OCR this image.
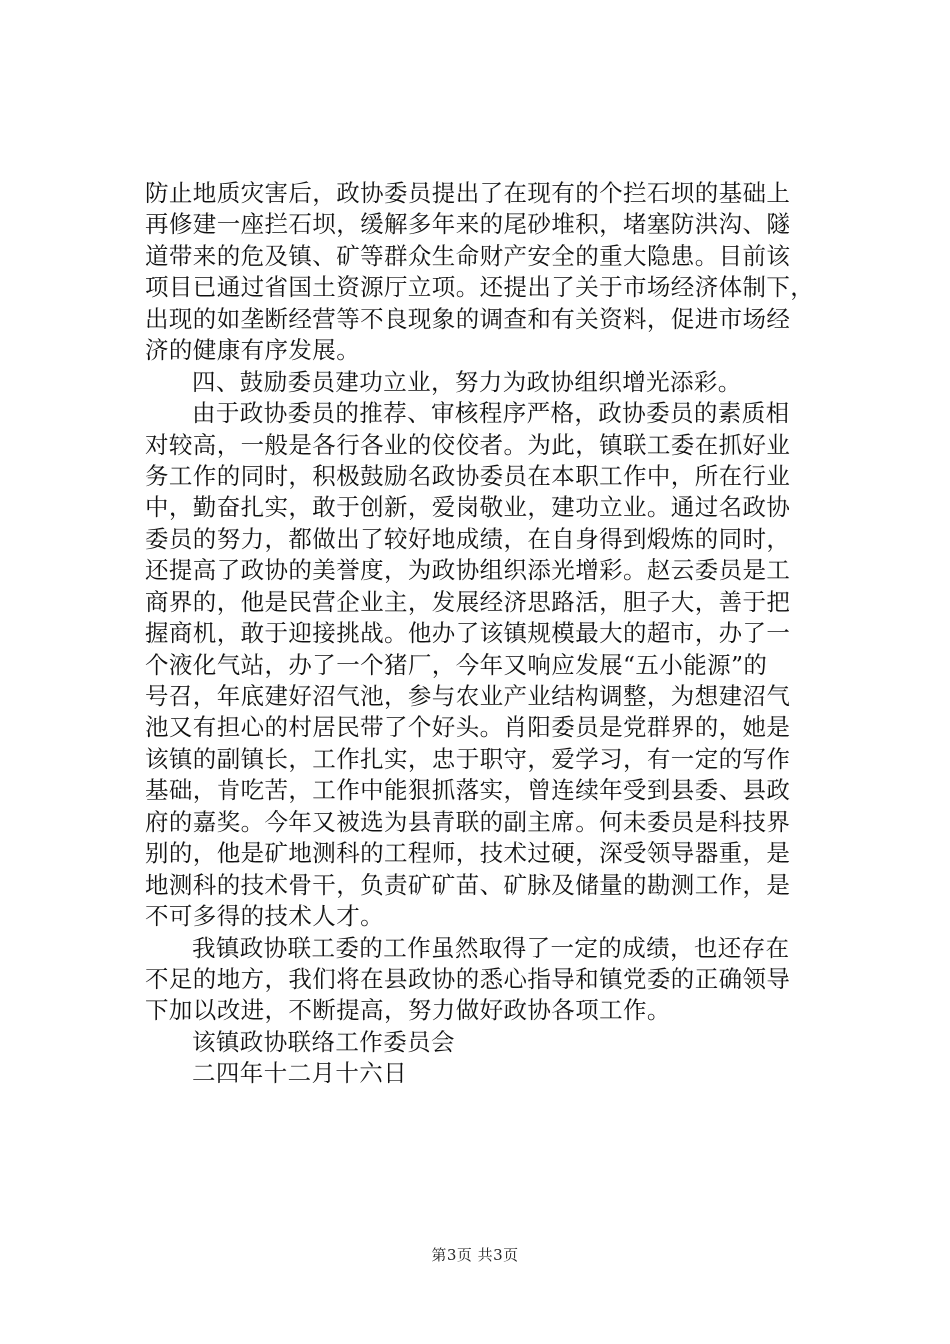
防止地质灾害后，政协委员提出了在现有的个拦石坝的基础上
再修建一座拦石坝，缓解多年来的尾砂堆积，堵塞防洪沟、隧
道带来的危及镇、矿等群众生命财产安全的重大隐患。目前该
项目已通过省国土资源厅立项。还提出了关于市场经济体制下，
出现的如垄断经营等不良现象的调查和有关资料，促进市场经
济的健康有序发展。
四、鼓励委员建功立业，努力为政协组织增光添彩。
由于政协委员的推荐、审核程序严格，政协委员的素质相
对较高，一般是各行各业的佼佼者。为此，镇联工委在抓好业
务工作的同时，积极鼓励名政协委员在本职工作中，所在行业
中，勤奋扎实，敢于创新，爱岗敬业，建功立业。通过名政协
委员的努力，都做出了较好地成绩，在自身得到煅炼的同时，
还提高了政协的美誉度，为政协组织添光增彩。赵云委员是工
商界的，他是民营企业主，发展经济思路活，胆子大，善于把
握商机，敢于迎接挑战。他办了该镇规模最大的超市，办了一
个液化气站，办了一个猪厂，今年又响应发展“五小能源”的
号召，年底建好沼气池，参与农业产业结构调整，为想建沼气
池又有担心的村居民带了个好头。肖阳委员是党群界的，她是
该镇的副镇长，工作扎实，忠于职守，爱学习，有一定的写作
基础，肯吃苦，工作中能狠抓落实，曾连续年受到县委、县政
府的嘉奖。今年又被选为县青联的副主席。何未委员是科技界
别的，他是矿地测科的工程师，技术过硬，深受领导器重，是
地测科的技术骨干，负责矿矿苗、矿脉及储量的勘测工作，是
不可多得的技术人才。
我镇政协联工委的工作虽然取得了一定的成绩，也还存在
不足的地方，我们将在县政协的悉心指导和镇党委的正确领导
下加以改进，不断提高，努力做好政协各项工作。
该镇政协联络工作委员会
二四年十二月十六日
第3页 共3页
